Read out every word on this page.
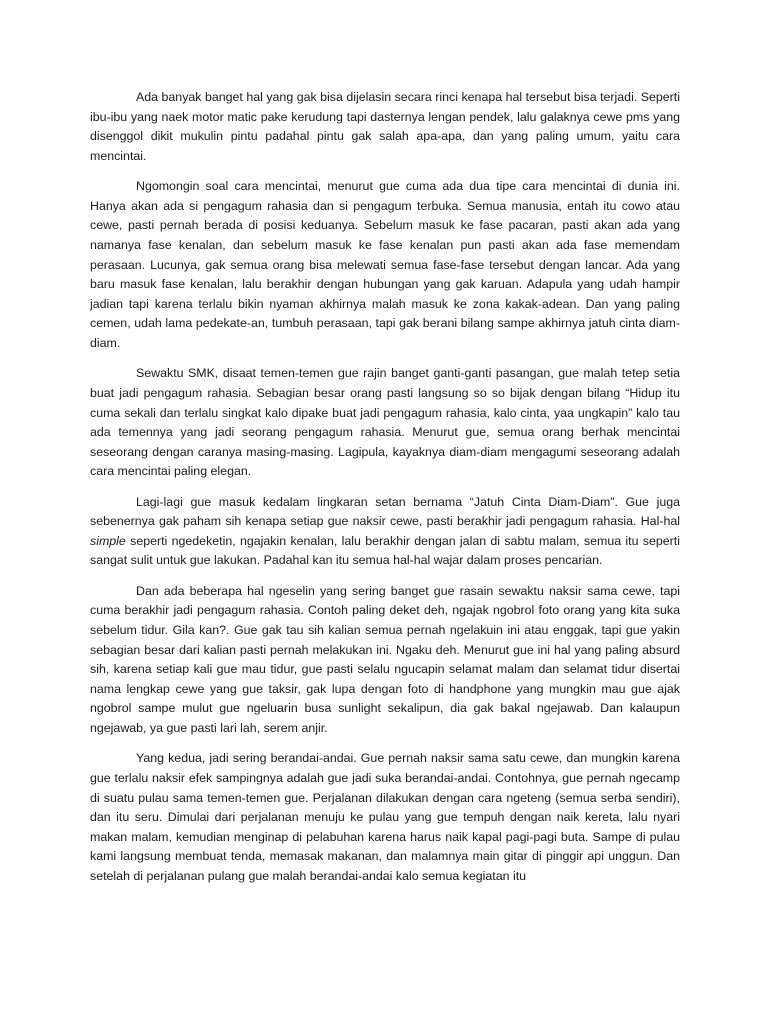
Ada banyak banget hal yang gak bisa dijelasin secara rinci kenapa hal tersebut bisa terjadi. Seperti ibu-ibu yang naek motor matic pake kerudung tapi dasternya lengan pendek, lalu galaknya cewe pms yang disenggol dikit mukulin pintu padahal pintu gak salah apa-apa, dan yang paling umum, yaitu cara mencintai.

Ngomongin soal cara mencintai, menurut gue cuma ada dua tipe cara mencintai di dunia ini. Hanya akan ada si pengagum rahasia dan si pengagum terbuka. Semua manusia, entah itu cowo atau cewe, pasti pernah berada di posisi keduanya. Sebelum masuk ke fase pacaran, pasti akan ada yang namanya fase kenalan, dan sebelum masuk ke fase kenalan pun pasti akan ada fase memendam perasaan. Lucunya, gak semua orang bisa melewati semua fase-fase tersebut dengan lancar. Ada yang baru masuk fase kenalan, lalu berakhir dengan hubungan yang gak karuan. Adapula yang udah hampir jadian tapi karena terlalu bikin nyaman akhirnya malah masuk ke zona kakak-adean. Dan yang paling cemen, udah lama pedekate-an, tumbuh perasaan, tapi gak berani bilang sampe akhirnya jatuh cinta diam-diam.

Sewaktu SMK, disaat temen-temen gue rajin banget ganti-ganti pasangan, gue malah tetep setia buat jadi pengagum rahasia. Sebagian besar orang pasti langsung so so bijak dengan bilang “Hidup itu cuma sekali dan terlalu singkat kalo dipake buat jadi pengagum rahasia, kalo cinta, yaa ungkapin” kalo tau ada temennya yang jadi seorang pengagum rahasia. Menurut gue, semua orang berhak mencintai seseorang dengan caranya masing-masing. Lagipula, kayaknya diam-diam mengagumi seseorang adalah cara mencintai paling elegan.

Lagi-lagi gue masuk kedalam lingkaran setan bernama “Jatuh Cinta Diam-Diam”. Gue juga sebenernya gak paham sih kenapa setiap gue naksir cewe, pasti berakhir jadi pengagum rahasia. Hal-hal simple seperti ngedeketin, ngajakin kenalan, lalu berakhir dengan jalan di sabtu malam, semua itu seperti sangat sulit untuk gue lakukan. Padahal kan itu semua hal-hal wajar dalam proses pencarian.

Dan ada beberapa hal ngeselin yang sering banget gue rasain sewaktu naksir sama cewe, tapi cuma berakhir jadi pengagum rahasia. Contoh paling deket deh, ngajak ngobrol foto orang yang kita suka sebelum tidur. Gila kan?. Gue gak tau sih kalian semua pernah ngelakuin ini atau enggak, tapi gue yakin sebagian besar dari kalian pasti pernah melakukan ini. Ngaku deh. Menurut gue ini hal yang paling absurd sih, karena setiap kali gue mau tidur, gue pasti selalu ngucapin selamat malam dan selamat tidur disertai nama lengkap cewe yang gue taksir, gak lupa dengan foto di handphone yang mungkin mau gue ajak ngobrol sampe mulut gue ngeluarin busa sunlight sekalipun, dia gak bakal ngejawab. Dan kalaupun ngejawab, ya gue pasti lari lah, serem anjir.

Yang kedua, jadi sering berandai-andai. Gue pernah naksir sama satu cewe, dan mungkin karena gue terlalu naksir efek sampingnya adalah gue jadi suka berandai-andai. Contohnya, gue pernah ngecamp di suatu pulau sama temen-temen gue. Perjalanan dilakukan dengan cara ngeteng (semua serba sendiri), dan itu seru. Dimulai dari perjalanan menuju ke pulau yang gue tempuh dengan naik kereta, lalu nyari makan malam, kemudian menginap di pelabuhan karena harus naik kapal pagi-pagi buta. Sampe di pulau kami langsung membuat tenda, memasak makanan, dan malamnya main gitar di pinggir api unggun. Dan setelah di perjalanan pulang gue malah berandai-andai kalo semua kegiatan itu
